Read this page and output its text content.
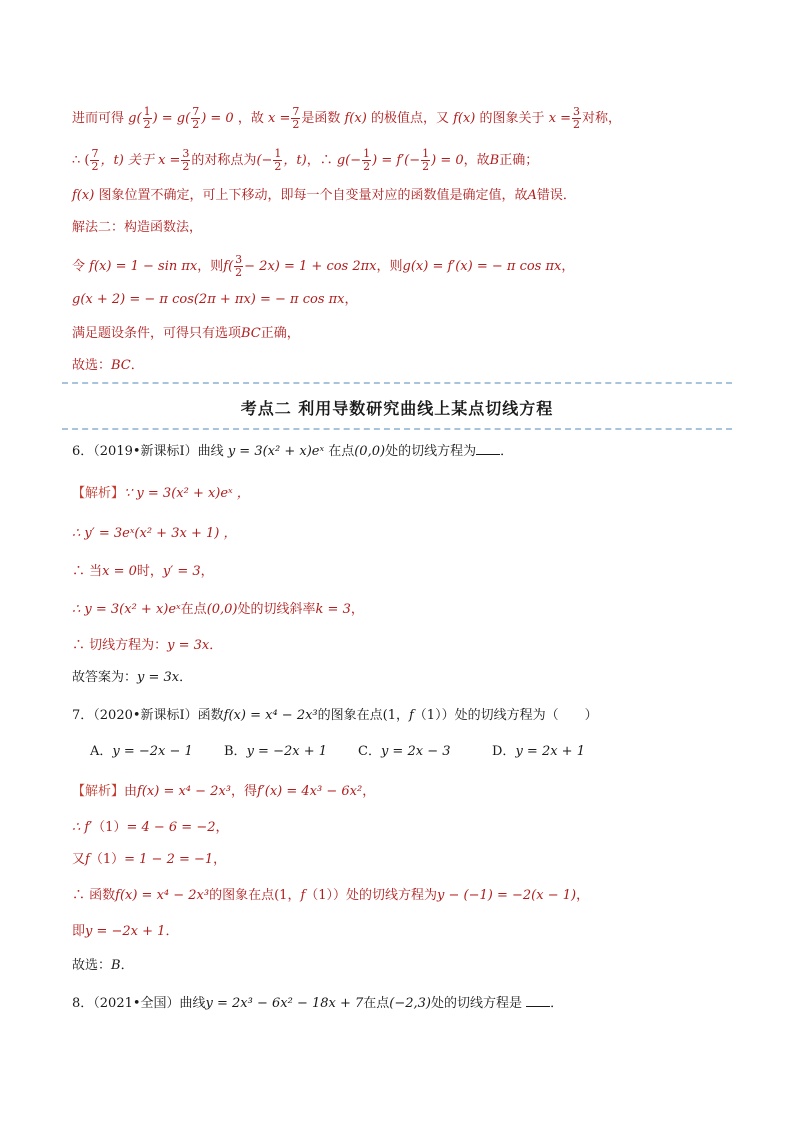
进而可得 $g( \frac{1}{2}$ ) = $g( \frac{7}{2}$ ) = 0 ，故 $x = \frac{7}{2}$ 是函数 f(x) 的极值点，又 f(x) 的图象关于 $x = \frac{3}{2}$ 对称，
∴ ( $\frac{7}{2}$ ，t) 关于 $x = \frac{3}{2}$ 的对称点为(− $\frac{1}{2}$ ，t)，∴ $g(- \frac{1}{2}$ ) = $f'(- \frac{1}{2}$ ) = 0，故B正确；
f(x) 图象位置不确定，可上下移动，即每一个自变量对应的函数值是确定值，故A错误．
解法二：构造函数法，
令 f(x) = 1 − sin πx，则$f( \frac{3}{2} - 2x) = 1 + \cos 2\pi x$，则g(x) = f′(x) = − π cos πx，
g(x + 2) = − π cos(2π + πx) = − π cos πx，
满足题设条件，可得只有选项BC正确，
故选：BC．
考点二 利用导数研究曲线上某点切线方程
6．（2019•新课标Ⅰ）曲线 y = 3(x² + x)eˣ 在点(0,0)处的切线方程为 ．
【解析】∵ y = 3(x² + x)eˣ ，
∴ y′ = 3eˣ(x² + 3x + 1) ，
∴ 当x = 0时，y′ = 3，
∴ y = 3(x² + x)eˣ在点(0,0)处的切线斜率k = 3，
∴ 切线方程为：y = 3x．
故答案为：y = 3x．
7．（2020•新课标Ⅰ）函数f(x) = x⁴ − 2x³的图象在点(1，f（1））处的切线方程为（　　）
A．y = −2x − 1 B．y = −2x + 1 C．y = 2x − 3	D．y = 2x + 1
【解析】由f(x) = x⁴ − 2x³，得f′(x) = 4x³ − 6x²，
∴ f′（1）= 4 − 6 = −2，
又f（1）= 1 − 2 = −1，
∴ 函数f(x) = x⁴ − 2x³的图象在点(1，f（1））处的切线方程为y − (−1) = −2(x − 1)，
即y = −2x + 1．
故选：B．
8．（2021•全国）曲线y = 2x³ − 6x² − 18x + 7在点(−2,3)处的切线方程是 ．
